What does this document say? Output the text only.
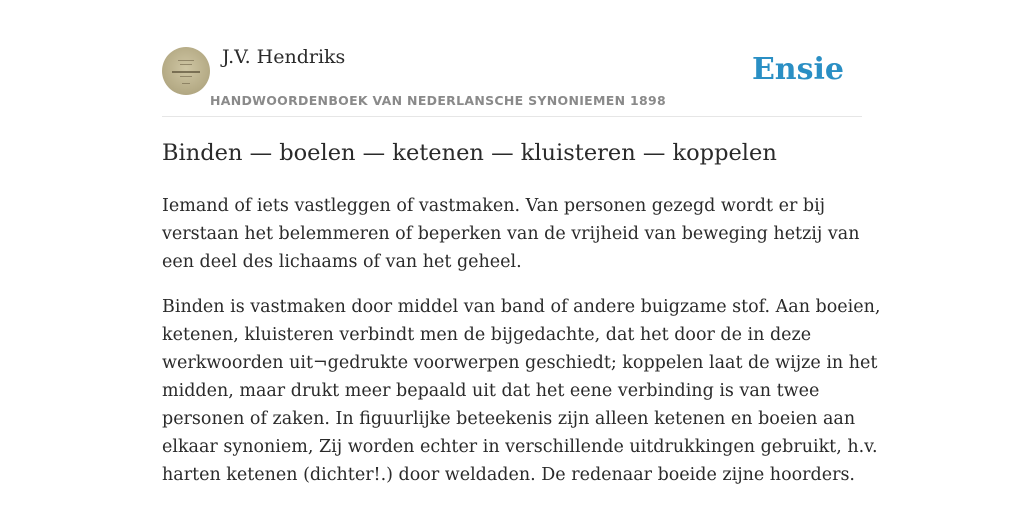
J.V. Hendriks
HANDWOORDENBOEK VAN NEDERLANSCHE SYNONIEMEN 1898
Ensie
Binden — boelen — ketenen — kluisteren — koppelen

Iemand of iets vastleggen of vastmaken. Van personen gezegd wordt er bij
verstaan het belemmeren of beperken van de vrijheid van beweging hetzij van
een deel des lichaams of van het geheel.

Binden is vastmaken door middel van band of andere buigzame stof. Aan boeien,
ketenen, kluisteren verbindt men de bijgedachte, dat het door de in deze
werkwoorden uit¬gedrukte voorwerpen geschiedt; koppelen laat de wijze in het
midden, maar drukt meer bepaald uit dat het eene verbinding is van twee
personen of zaken. In figuurlijke beteekenis zijn alleen ketenen en boeien aan
elkaar synoniem, Zij worden echter in verschillende uitdrukkingen gebruikt, h.v.
harten ketenen (dichter!.) door weldaden. De redenaar boeide zijne hoorders.
